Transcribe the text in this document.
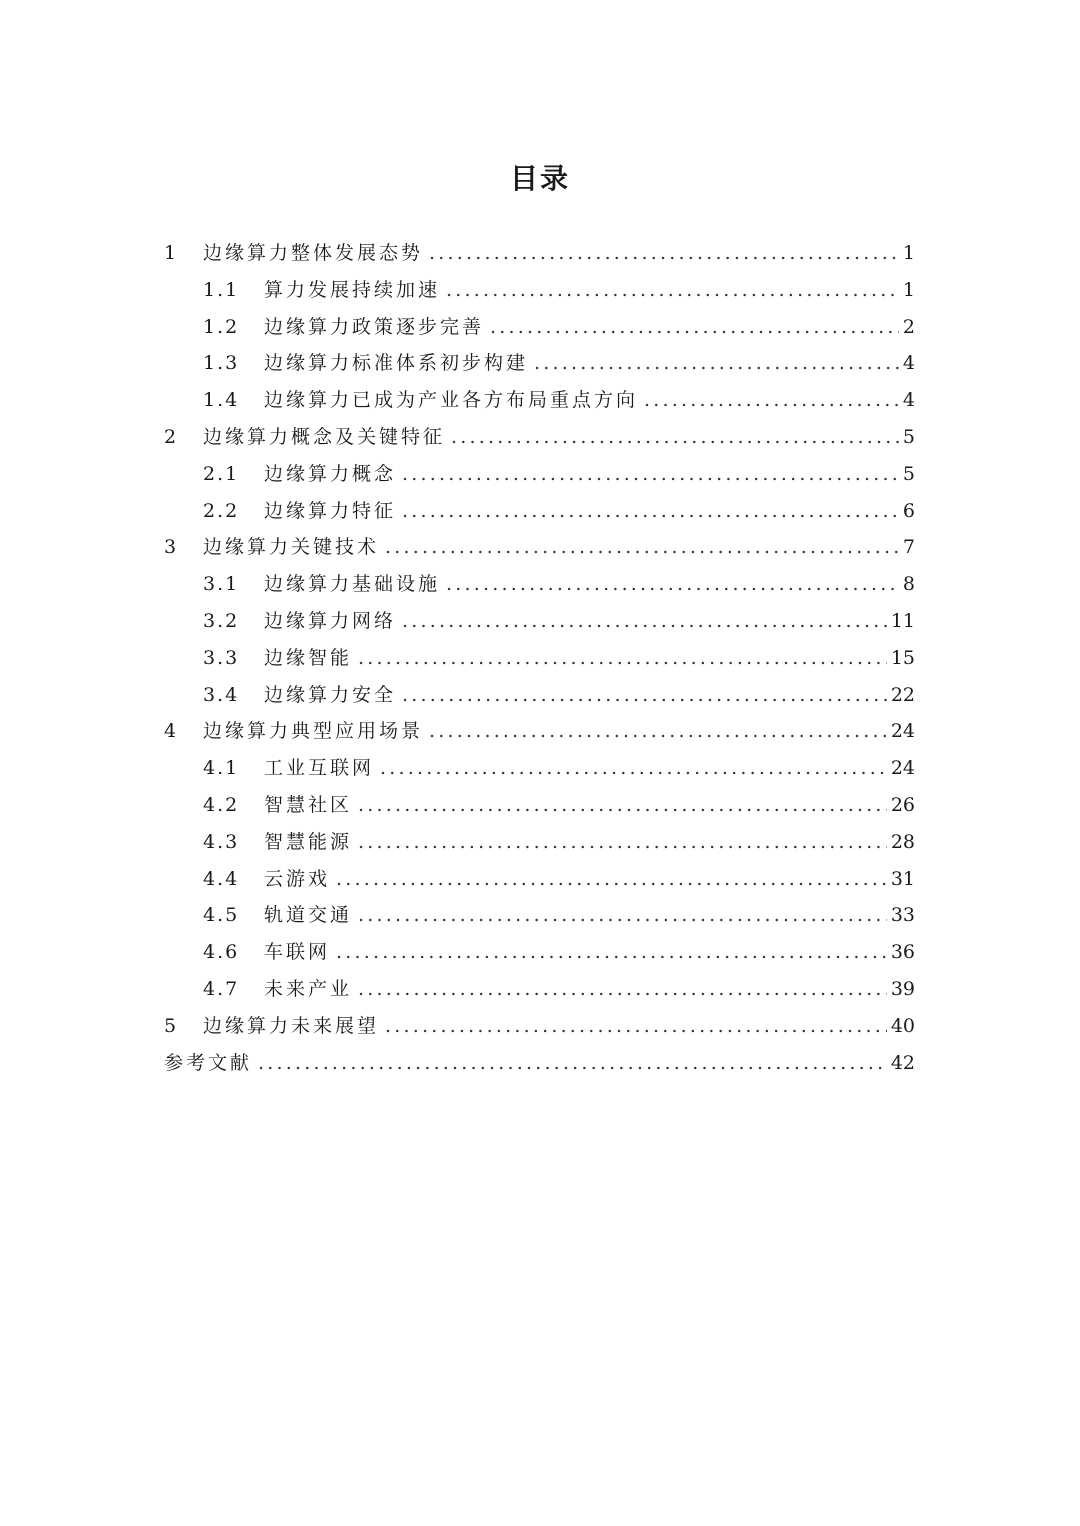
目录
1	边缘算力整体发展态势 .....	1
1.1	算力发展持续加速 .....	1
1.2	边缘算力政策逐步完善 .....	2
1.3	边缘算力标准体系初步构建 .....	4
1.4	边缘算力已成为产业各方布局重点方向 .....	4
2	边缘算力概念及关键特征 .....	5
2.1	边缘算力概念 .....	5
2.2	边缘算力特征 .....	6
3	边缘算力关键技术 .....	7
3.1	边缘算力基础设施 .....	8
3.2	边缘算力网络 .....	11
3.3	边缘智能 .....	15
3.4	边缘算力安全 .....	22
4	边缘算力典型应用场景 .....	24
4.1	工业互联网 .....	24
4.2	智慧社区 .....	26
4.3	智慧能源 .....	28
4.4	云游戏 .....	31
4.5	轨道交通 .....	33
4.6	车联网 .....	36
4.7	未来产业 .....	39
5	边缘算力未来展望 .....	40
参考文献 .....	42
